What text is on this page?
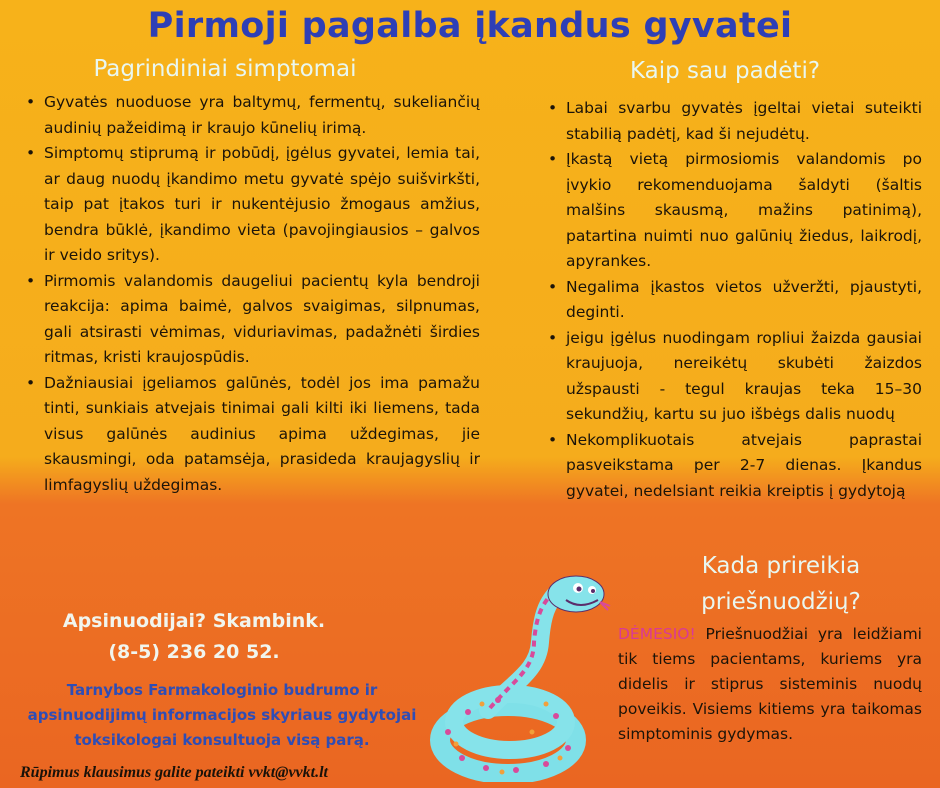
Pirmoji pagalba įkandus gyvatei
Pagrindiniai simptomai
• Gyvatės nuoduose yra baltymų, fermentų, sukeliančių audinių pažeidimą ir kraujo kūnelių irimą.
• Simptomų stiprumą ir pobūdį, įgėlus gyvatei, lemia tai, ar daug nuodų įkandimo metu gyvatė spėjo suišvirkšti, taip pat įtakos turi ir nukentėjusio žmogaus amžius, bendra būklė, įkandimo vieta (pavojingiausios – galvos ir veido sritys).
• Pirmomis valandomis daugeliui pacientų kyla bendroji reakcija: apima baimė, galvos svaigimas, silpnumas, gali atsirasti vėmimas, viduriavimas, padažnėti širdies ritmas, kristi kraujospūdis.
• Dažniausiai įgeliamos galūnės, todėl jos ima pamažu tinti, sunkiais atvejais tinimai gali kilti iki liemens, tada visus galūnės audinius apima uždegimas, jie skausmingi, oda patamsėja, prasideda kraujagyslių ir limfagyslių uždegimas.
Kaip sau padėti?
• Labai svarbu gyvatės įgeltai vietai suteikti stabilią padėtį, kad ši nejudėtų.
• Įkastą vietą pirmosiomis valandomis po įvykio rekomenduojama šaldyti (šaltis malšins skausmą, mažins patinimą), patartina nuimti nuo galūnių žiedus, laikrodį, apyrankes.
• Negalima įkastos vietos užveržti, pjaustyti, deginti.
• jeigu įgėlus nuodingam ropliui žaizda gausiai kraujuoja, nereikėtų skubėti žaizdos užspausti - tegul kraujas teka 15–30 sekundžių, kartu su juo išbėgs dalis nuodų
• Nekomplikuotais atvejais paprastai pasveikstama per 2-7 dienas. Įkandus gyvatei, nedelsiant reikia kreiptis į gydytoją
Apsinuodijai? Skambink.
(8-5) 236 20 52.
Tarnybos Farmakologinio budrumo ir apsinuodijimų informacijos skyriaus gydytojai toksikologai konsultuoja visą parą.
Rūpimus klausimus galite pateikti vvkt@vvkt.lt
Kada prireikia priešnuodžių?
DĖMESIO! Priešnuodžiai yra leidžiami tik tiems pacientams, kuriems yra didelis ir stiprus sisteminis nuodų poveikis. Visiems kitiems yra taikomas simptominis gydymas.
